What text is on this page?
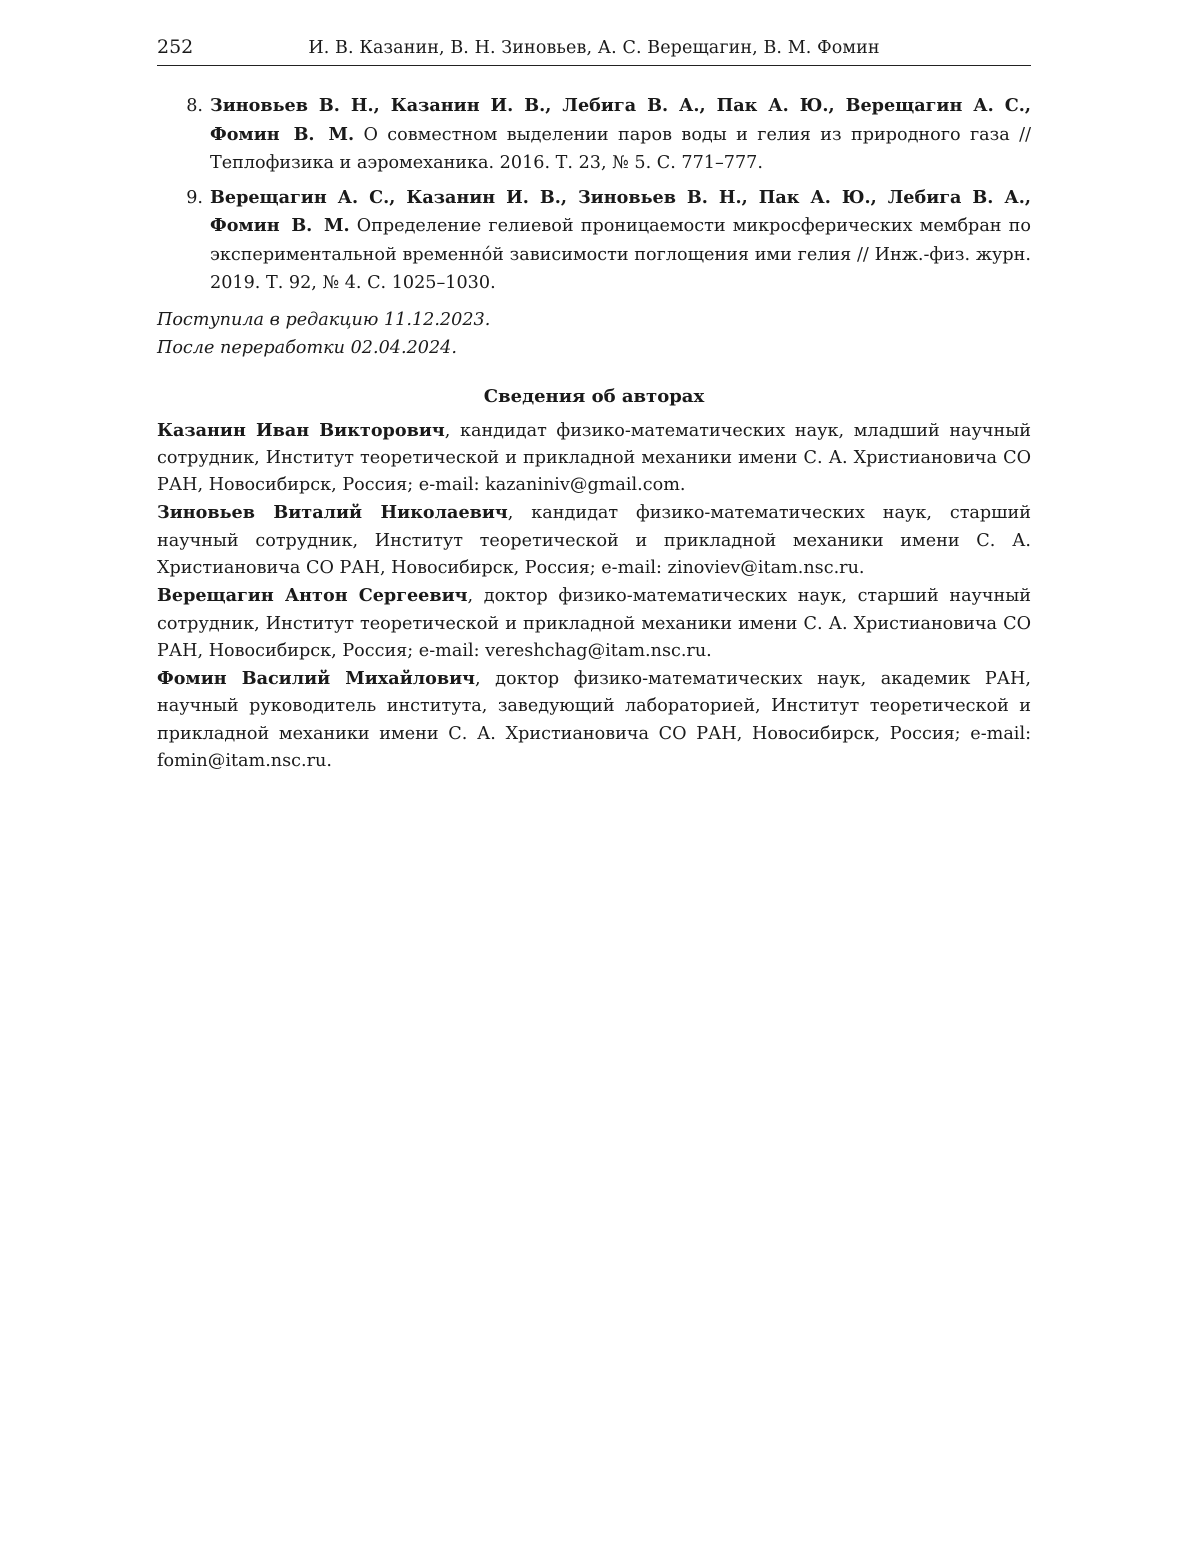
252	И. В. Казанин, В. Н. Зиновьев, А. С. Верещагин, В. М. Фомин
8. Зиновьев В. Н., Казанин И. В., Лебига В. А., Пак А. Ю., Верещагин А. С., Фомин В. М. О совместном выделении паров воды и гелия из природного газа // Теплофизика и аэромеханика. 2016. Т. 23, № 5. С. 771–777.
9. Верещагин А. С., Казанин И. В., Зиновьев В. Н., Пак А. Ю., Лебига В. А., Фомин В. М. Определение гелиевой проницаемости микросферических мембран по экспериментальной временно́й зависимости поглощения ими гелия // Инж.-физ. журн. 2019. Т. 92, № 4. С. 1025–1030.
Поступила в редакцию 11.12.2023.
После переработки 02.04.2024.
Сведения об авторах

Казанин Иван Викторович, кандидат физико-математических наук, младший научный сотрудник, Институт теоретической и прикладной механики имени С. А. Христиановича СО РАН, Новосибирск, Россия; e-mail: kazaniniv@gmail.com.

Зиновьев Виталий Николаевич, кандидат физико-математических наук, старший научный сотрудник, Институт теоретической и прикладной механики имени С. А. Христиановича СО РАН, Новосибирск, Россия; e-mail: zinoviev@itam.nsc.ru.

Верещагин Антон Сергеевич, доктор физико-математических наук, старший научный сотрудник, Институт теоретической и прикладной механики имени С. А. Христиановича СО РАН, Новосибирск, Россия; e-mail: vereshchag@itam.nsc.ru.

Фомин Василий Михайлович, доктор физико-математических наук, академик РАН, научный руководитель института, заведующий лабораторией, Институт теоретической и прикладной механики имени С. А. Христиановича СО РАН, Новосибирск, Россия; e-mail: fomin@itam.nsc.ru.
